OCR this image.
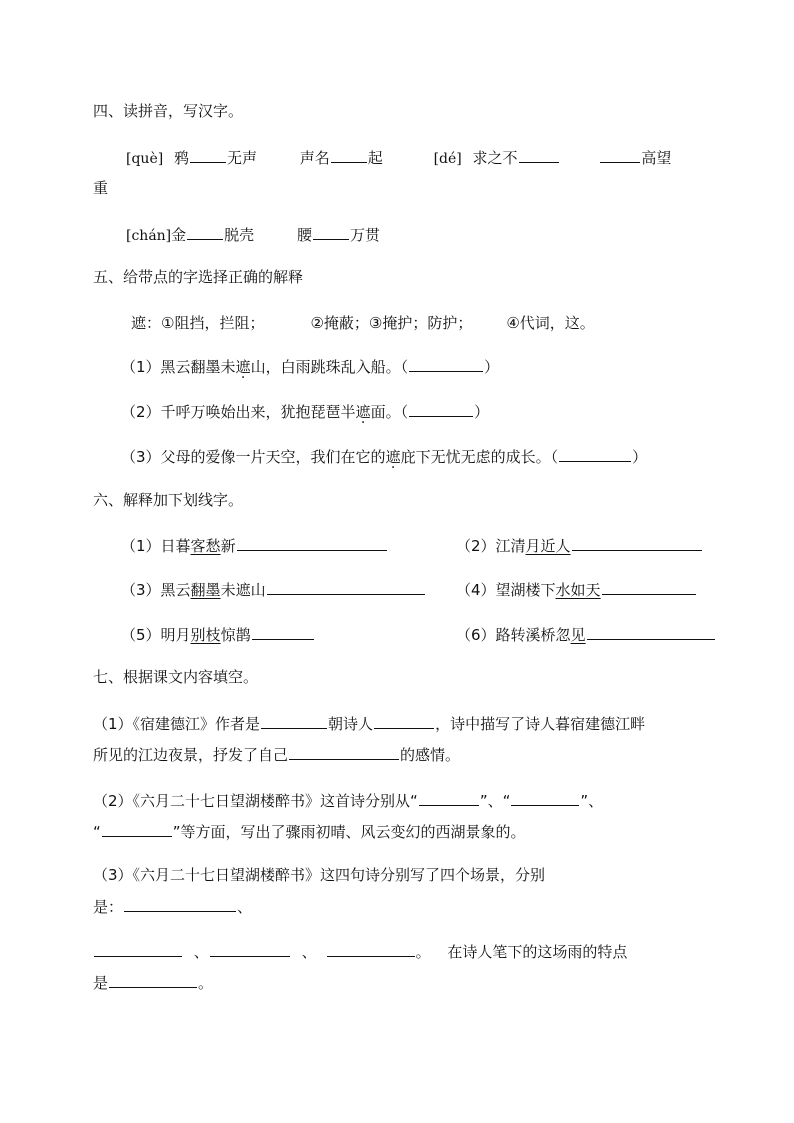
四、读拼音，写汉字。
[què] 鸦	无声	声名	起	[dé] 求之不	高望
重
[chán]金	脱壳	腰	万贯
五、给带点的字选择正确的解释
遮：①阻挡，拦阻；	②掩蔽；③掩护；防护； ④代词，这。
（1）黑云翻墨未遮山，白雨跳珠乱入船。（	）
（2）千呼万唤始出来，犹抱琵琶半遮面。（	）
（3）父母的爱像一片天空，我们在它的遮庇下无忧无虑的成长。（	）
六、解释加下划线字。
（1）日暮客愁新	（2）江清月近人
（3）黑云翻墨未遮山	（4）望湖楼下水如天
（5）明月别枝惊鹊	（6）路转溪桥忽见
七、根据课文内容填空。
（1）《宿建德江》作者是	朝诗人	，诗中描写了诗人暮宿建德江畔
所见的江边夜景，抒发了自己	的感情。
（2）《六月二十七日望湖楼醉书》这首诗分别从“	”、“	”、
“	”等方面，写出了骤雨初晴、风云变幻的西湖景象的。
（3）《六月二十七日望湖楼醉书》这四句诗分别写了四个场景，分别
是：	、
、	、	。 在诗人笔下的这场雨的特点
是	。
